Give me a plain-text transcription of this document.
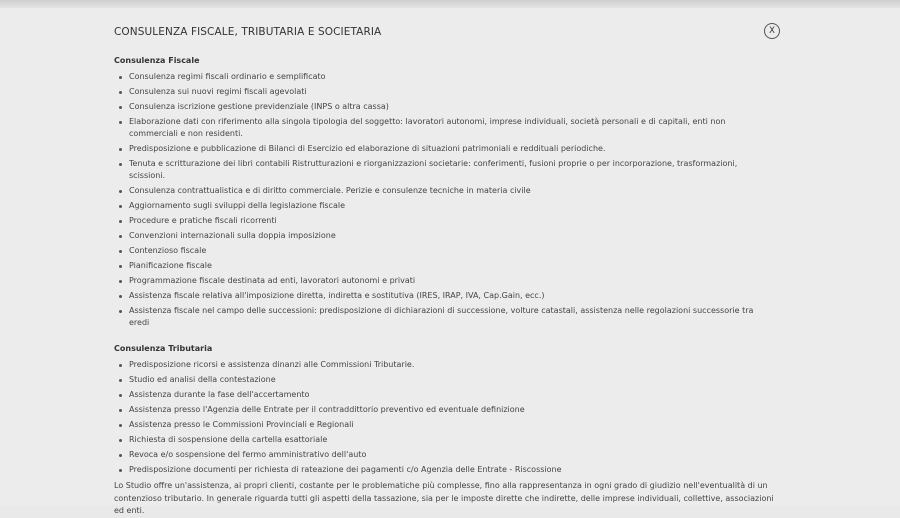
CONSULENZA FISCALE, TRIBUTARIA E SOCIETARIA	X
Consulenza Fiscale
Consulenza regimi fiscali ordinario e semplificato
Consulenza sui nuovi regimi fiscali agevolati
Consulenza iscrizione gestione previdenziale (INPS o altra cassa)
Elaborazione dati con riferimento alla singola tipologia del soggetto: lavoratori autonomi, imprese individuali, società personali e di capitali, enti non commerciali e non residenti.
Predisposizione e pubblicazione di Bilanci di Esercizio ed elaborazione di situazioni patrimoniali e reddituali periodiche.
Tenuta e scritturazione dei libri contabili Ristrutturazioni e riorganizzazioni societarie: conferimenti, fusioni proprie o per incorporazione, trasformazioni, scissioni.
Consulenza contrattualistica e di diritto commerciale. Perizie e consulenze tecniche in materia civile
Aggiornamento sugli sviluppi della legislazione fiscale
Procedure e pratiche fiscali ricorrenti
Convenzioni internazionali sulla doppia imposizione
Contenzioso fiscale
Pianificazione fiscale
Programmazione fiscale destinata ad enti, lavoratori autonomi e privati
Assistenza fiscale relativa all'imposizione diretta, indiretta e sostitutiva (IRES, IRAP, IVA, Cap.Gain, ecc.)
Assistenza fiscale nel campo delle successioni: predisposizione di dichiarazioni di successione, volture catastali, assistenza nelle regolazioni successorie tra eredi
Consulenza Tributaria
Predisposizione ricorsi e assistenza dinanzi alle Commissioni Tributarie.
Studio ed analisi della contestazione
Assistenza durante la fase dell'accertamento
Assistenza presso l'Agenzia delle Entrate per il contraddittorio preventivo ed eventuale definizione
Assistenza presso le Commissioni Provinciali e Regionali
Richiesta di sospensione della cartella esattoriale
Revoca e/o sospensione del fermo amministrativo dell'auto
Predisposizione documenti per richiesta di rateazione dei pagamenti c/o Agenzia delle Entrate - Riscossione
Lo Studio offre un'assistenza, ai propri clienti, costante per le problematiche più complesse, fino alla rappresentanza in ogni grado di giudizio nell'eventualità di un contenzioso tributario. In generale riguarda tutti gli aspetti della tassazione, sia per le imposte dirette che indirette, delle imprese individuali, collettive, associazioni ed enti.
